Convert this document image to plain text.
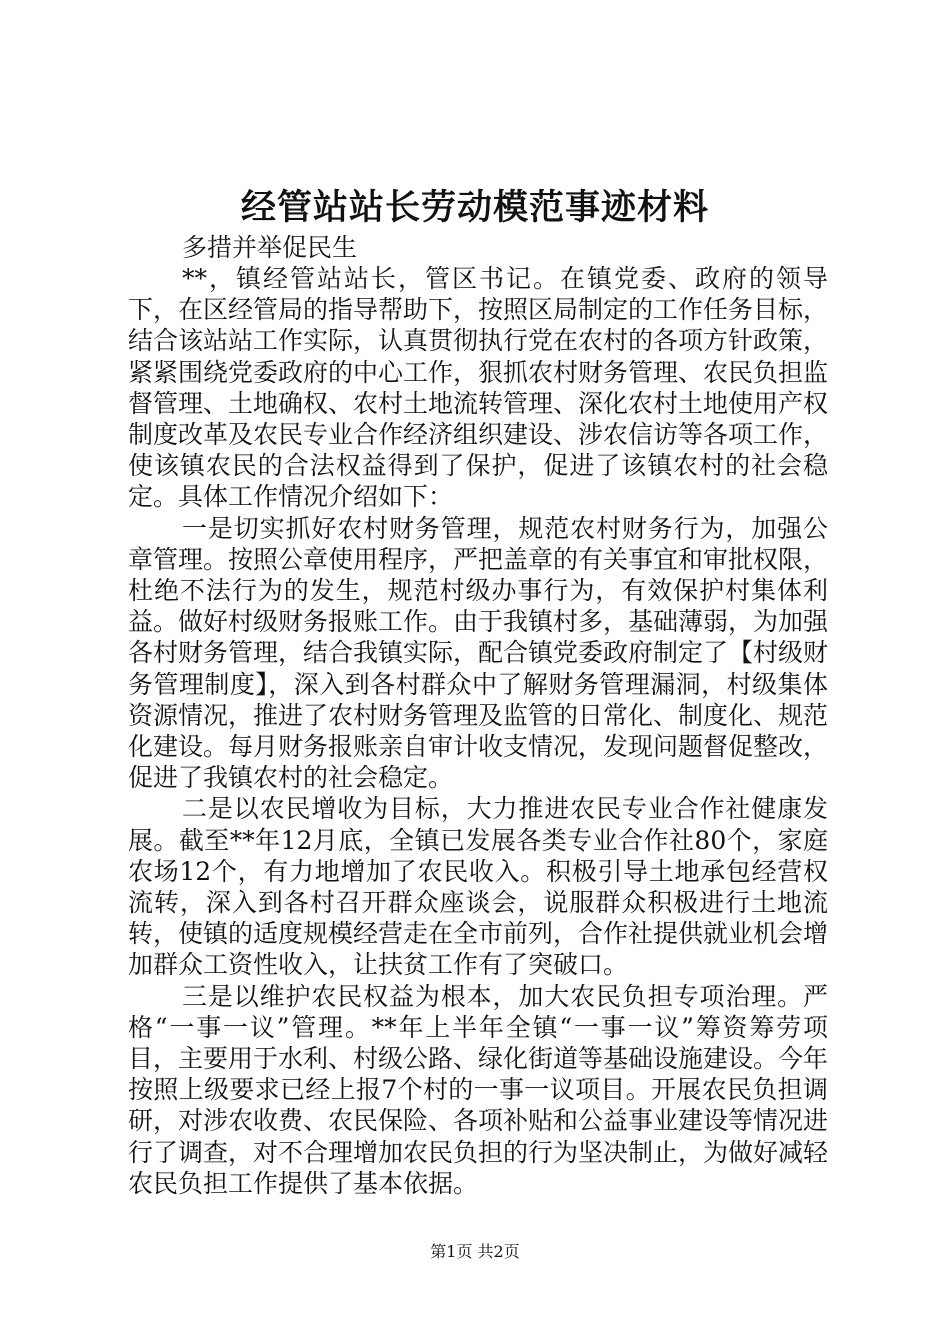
经管站站长劳动模范事迹材料

多措并举促民生

**，镇经管站站长，管区书记。在镇党委、政府的领导下，在区经管局的指导帮助下，按照区局制定的工作任务目标，结合该站站工作实际，认真贯彻执行党在农村的各项方针政策，紧紧围绕党委政府的中心工作，狠抓农村财务管理、农民负担监督管理、土地确权、农村土地流转管理、深化农村土地使用产权制度改革及农民专业合作经济组织建设、涉农信访等各项工作，使该镇农民的合法权益得到了保护，促进了该镇农村的社会稳定。具体工作情况介绍如下：

一是切实抓好农村财务管理，规范农村财务行为，加强公章管理。按照公章使用程序，严把盖章的有关事宜和审批权限，杜绝不法行为的发生，规范村级办事行为，有效保护村集体利益。做好村级财务报账工作。由于我镇村多，基础薄弱，为加强各村财务管理，结合我镇实际，配合镇党委政府制定了【村级财务管理制度】，深入到各村群众中了解财务管理漏洞，村级集体资源情况，推进了农村财务管理及监管的日常化、制度化、规范化建设。每月财务报账亲自审计收支情况，发现问题督促整改，促进了我镇农村的社会稳定。

二是以农民增收为目标，大力推进农民专业合作社健康发展。截至**年12月底，全镇已发展各类专业合作社80个，家庭农场12个，有力地增加了农民收入。积极引导土地承包经营权流转，深入到各村召开群众座谈会，说服群众积极进行土地流转，使镇的适度规模经营走在全市前列，合作社提供就业机会增加群众工资性收入，让扶贫工作有了突破口。

三是以维护农民权益为根本，加大农民负担专项治理。严格“一事一议”管理。**年上半年全镇“一事一议”筹资筹劳项目，主要用于水利、村级公路、绿化街道等基础设施建设。今年按照上级要求已经上报7个村的一事一议项目。开展农民负担调研，对涉农收费、农民保险、各项补贴和公益事业建设等情况进行了调查，对不合理增加农民负担的行为坚决制止，为做好减轻农民负担工作提供了基本依据。

第1页 共2页
